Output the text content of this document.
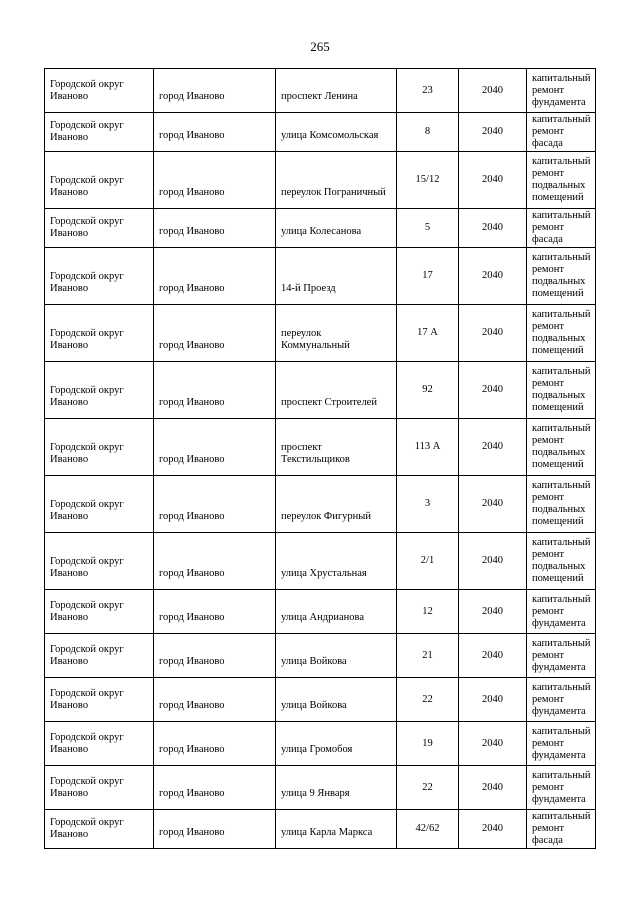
265
Городской округ Иваново	город Иваново	проспект Ленина	23	2040	капитальный ремонт фундамента
Городской округ Иваново	город Иваново	улица Комсомольская	8	2040	капитальный ремонт фасада
Городской округ Иваново	город Иваново	переулок Пограничный	15/12	2040	капитальный ремонт подвальных помещений
Городской округ Иваново	город Иваново	улица Колесанова	5	2040	капитальный ремонт фасада
Городской округ Иваново	город Иваново	14-й Проезд	17	2040	капитальный ремонт подвальных помещений
Городской округ Иваново	город Иваново	переулок Коммунальный	17 А	2040	капитальный ремонт подвальных помещений
Городской округ Иваново	город Иваново	проспект Строителей	92	2040	капитальный ремонт подвальных помещений
Городской округ Иваново	город Иваново	проспект Текстильщиков	113 А	2040	капитальный ремонт подвальных помещений
Городской округ Иваново	город Иваново	переулок Фигурный	3	2040	капитальный ремонт подвальных помещений
Городской округ Иваново	город Иваново	улица Хрустальная	2/1	2040	капитальный ремонт подвальных помещений
Городской округ Иваново	город Иваново	улица Андрианова	12	2040	капитальный ремонт фундамента
Городской округ Иваново	город Иваново	улица Войкова	21	2040	капитальный ремонт фундамента
Городской округ Иваново	город Иваново	улица Войкова	22	2040	капитальный ремонт фундамента
Городской округ Иваново	город Иваново	улица Громобоя	19	2040	капитальный ремонт фундамента
Городской округ Иваново	город Иваново	улица 9 Января	22	2040	капитальный ремонт фундамента
Городской округ Иваново	город Иваново	улица Карла Маркса	42/62	2040	капитальный ремонт фасада
